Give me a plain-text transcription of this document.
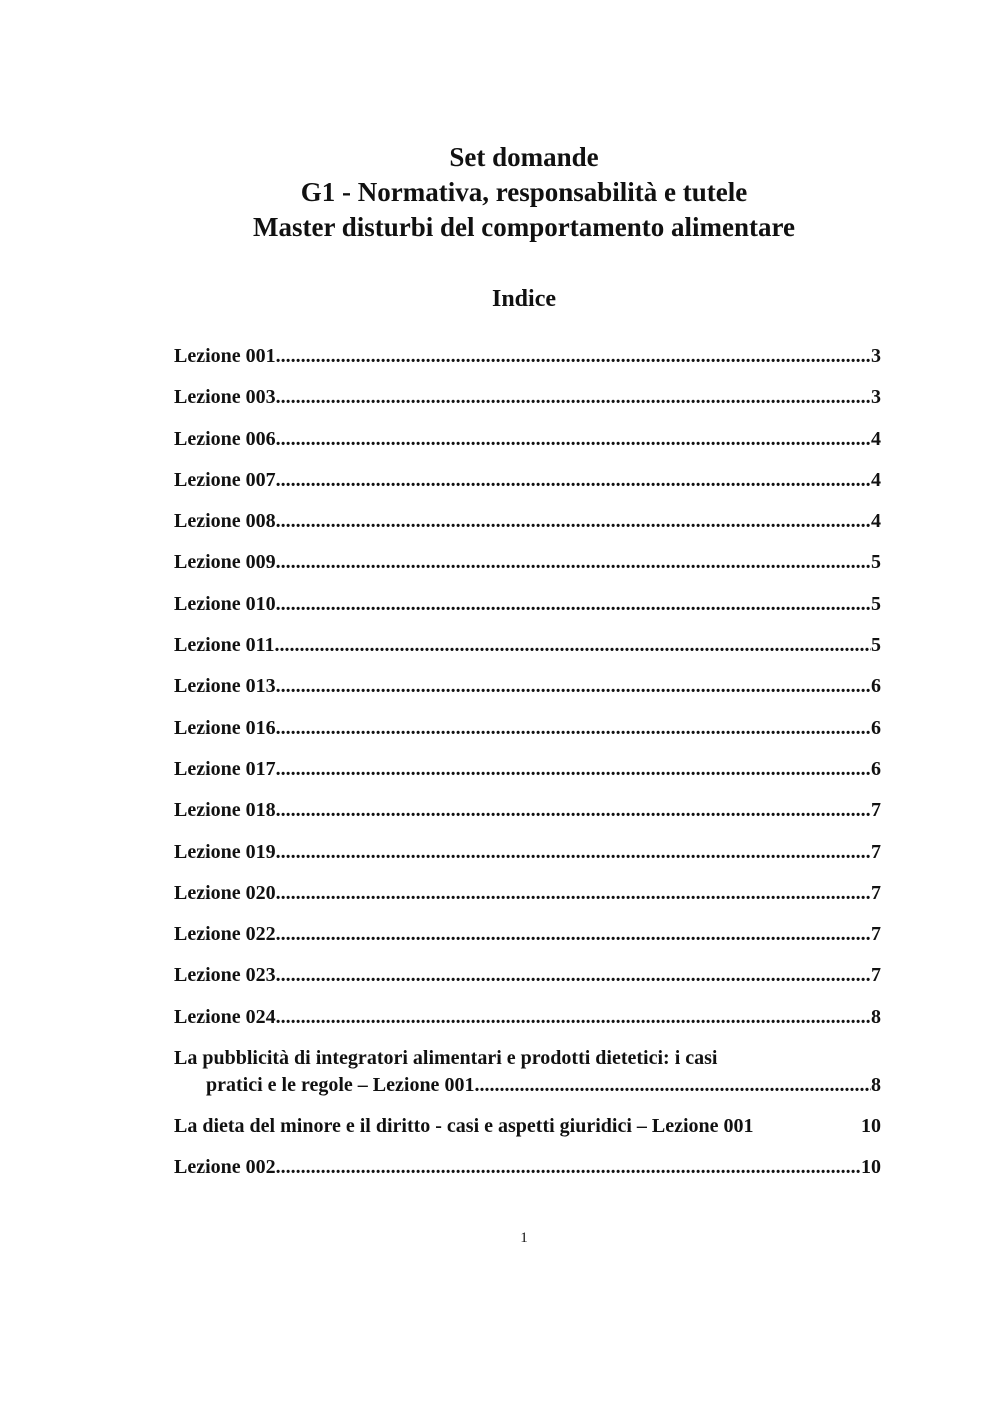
Set domande
G1 - Normativa, responsabilità e tutele
Master disturbi del comportamento alimentare
Indice
Lezione 001 .....	3
Lezione 003 .....	3
Lezione 006 .....	4
Lezione 007 .....	4
Lezione 008 .....	4
Lezione 009 .....	5
Lezione 010 .....	5
Lezione 011 .....	5
Lezione 013 .....	6
Lezione 016 .....	6
Lezione 017 .....	6
Lezione 018 .....	7
Lezione 019 .....	7
Lezione 020 .....	7
Lezione 022 .....	7
Lezione 023 .....	7
Lezione 024 .....	8
La pubblicità di integratori alimentari e prodotti dietetici: i casi
pratici e le regole – Lezione 001 .....	8
La dieta del minore e il diritto - casi e aspetti giuridici – Lezione 001	10
Lezione 002 .....	10
1
